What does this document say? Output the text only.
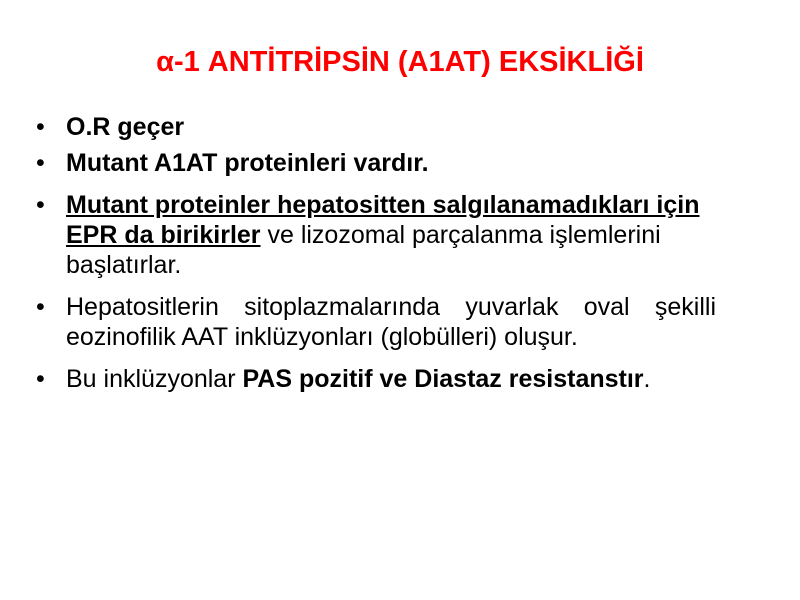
α-1 ANTİTRİPSİN (A1AT) EKSİKLİĞİ
• O.R geçer
• Mutant A1AT proteinleri vardır.
• Mutant proteinler hepatositten salgılanamadıkları için EPR da birikirler ve lizozomal parçalanma işlemlerini başlatırlar.
• Hepatositlerin sitoplazmalarında yuvarlak oval şekilli eozinofilik AAT inklüzyonları (globülleri) oluşur.
• Bu inklüzyonlar PAS pozitif ve Diastaz resistanstır.
